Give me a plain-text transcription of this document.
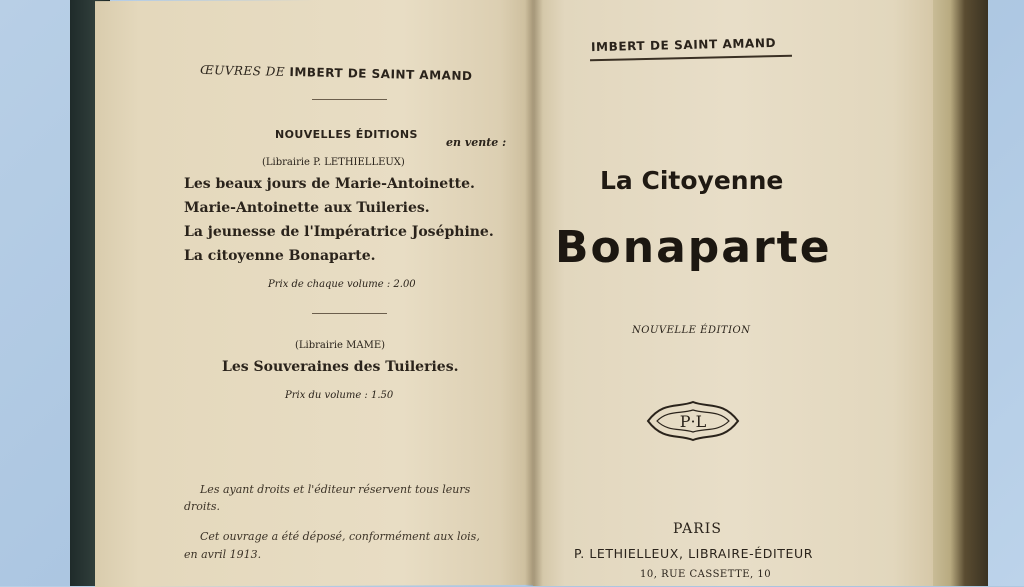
ŒUVRES DE IMBERT DE SAINT AMAND
NOUVELLES ÉDITIONS
en vente :
(Librairie P. LETHIELLEUX)
Les beaux jours de Marie-Antoinette.
Marie-Antoinette aux Tuileries.
La jeunesse de l'Impératrice Joséphine.
La citoyenne Bonaparte.
Prix de chaque volume : 2.00
(Librairie MAME)
Les Souveraines des Tuileries.
Prix du volume : 1.50
Les ayant droits et l'éditeur réservent tous leurs
droits.
Cet ouvrage a été déposé, conformément aux lois,
en avril 1913.
IMBERT DE SAINT AMAND
La Citoyenne
Bonaparte
NOUVELLE ÉDITION
P·L
PARIS
P. LETHIELLEUX, LIBRAIRE-ÉDITEUR
10, RUE CASSETTE, 10
